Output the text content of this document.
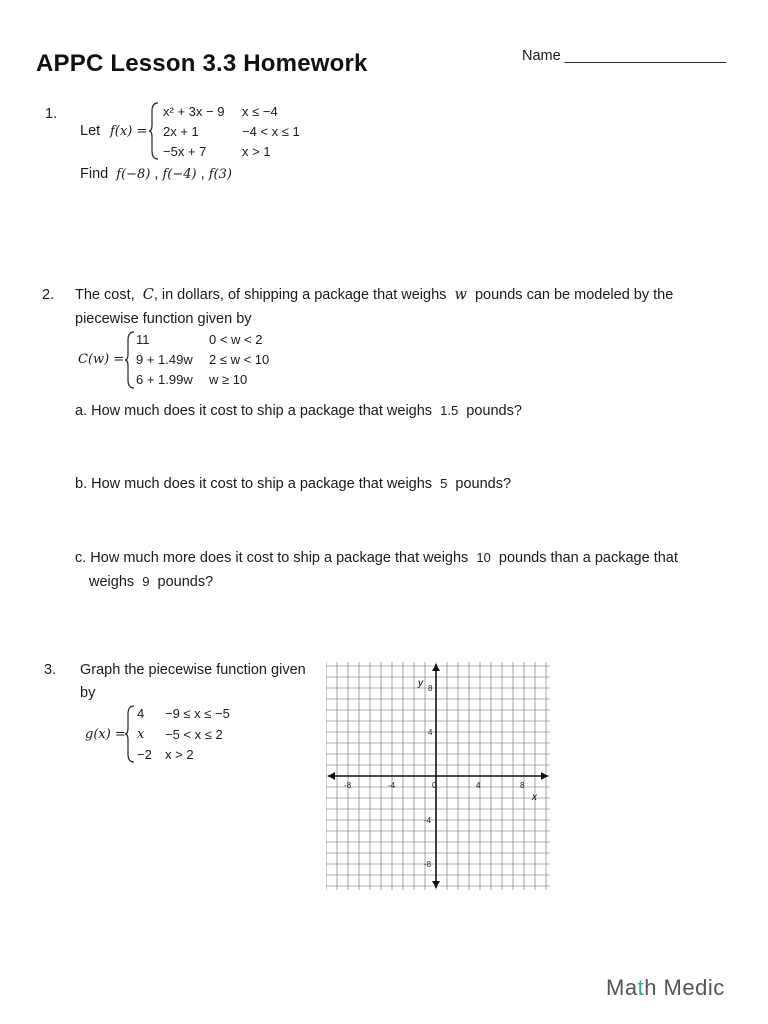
APPC Lesson 3.3 Homework	Name ____________________
1.
Let f(x) =
x² + 3x − 9 x ≤ −4
2x + 1	−4 < x ≤ 1
−5x + 7	x > 1
Find f(−8) , f(−4) , f(3)
2. The cost, C, in dollars, of shipping a package that weighs w pounds can be modeled by the
piecewise function given by
C(w) =
11	0 < w < 2
9 + 1.49w 2 ≤ w < 10
6 + 1.99w w ≥ 10
a. How much does it cost to ship a package that weighs 1.5 pounds?
b. How much does it cost to ship a package that weighs 5 pounds?
c. How much more does it cost to ship a package that weighs 10 pounds than a package that
weighs 9 pounds?
3. Graph the piecewise function given
by
g(x) =
4 −9 ≤ x ≤ −5
x −5 < x ≤ 2
−2 x > 2
y
x
-8	-4	0	4	8
8
4
-4
-8
Math Medic
